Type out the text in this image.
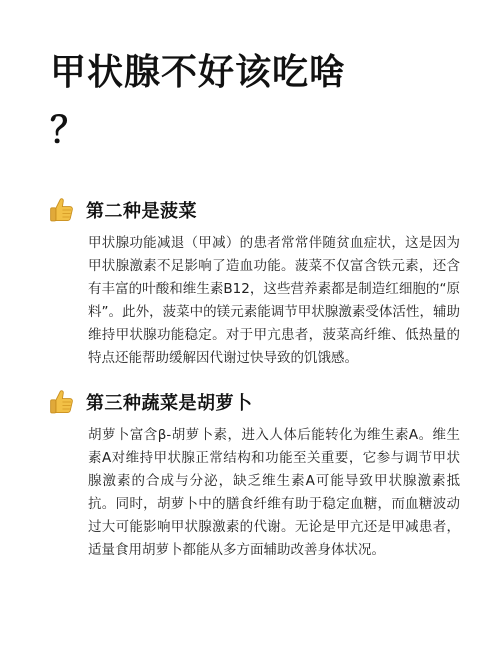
甲状腺不好该吃啥
？
第二种是菠菜

甲状腺功能减退（甲减）的患者常常伴随贫血症状，这是因为甲状腺激素不足影响了造血功能。菠菜不仅富含铁元素，还含有丰富的叶酸和维生素B12，这些营养素都是制造红细胞的“原料”。此外，菠菜中的镁元素能调节甲状腺激素受体活性，辅助维持甲状腺功能稳定。对于甲亢患者，菠菜高纤维、低热量的特点还能帮助缓解因代谢过快导致的饥饿感。

第三种蔬菜是胡萝卜

胡萝卜富含β-胡萝卜素，进入人体后能转化为维生素A。维生素A对维持甲状腺正常结构和功能至关重要，它参与调节甲状腺激素的合成与分泌，缺乏维生素A可能导致甲状腺激素抵抗。同时，胡萝卜中的膳食纤维有助于稳定血糖，而血糖波动过大可能影响甲状腺激素的代谢。无论是甲亢还是甲减患者，适量食用胡萝卜都能从多方面辅助改善身体状况。
